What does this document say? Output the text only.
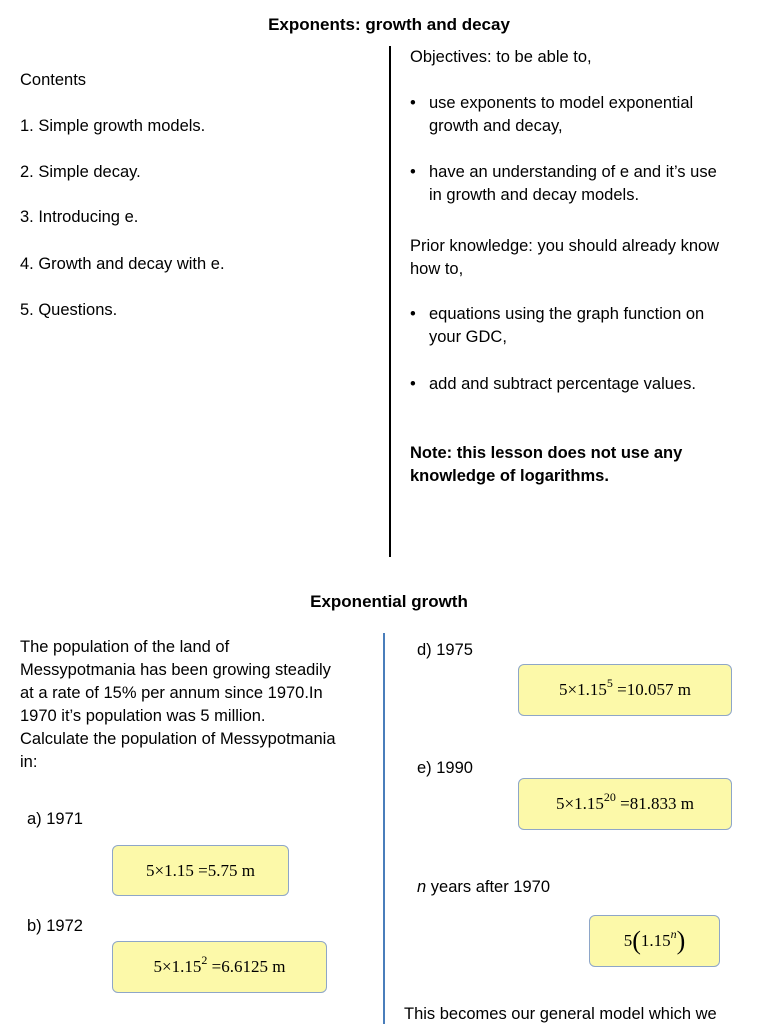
Exponents: growth and decay
Contents
1. Simple growth models.
2. Simple decay.
3. Introducing e.
4. Growth and decay with e.
5. Questions.
Objectives: to be able to,
• use exponents to model exponential
growth and decay,
• have an understanding of e and it’s use
in growth and decay models.
Prior knowledge: you should already know
how to,
• equations using the graph function on
your GDC,
• add and subtract percentage values.
Note: this lesson does not use any
knowledge of logarithms.
Exponential growth
The population of the land of
Messypotmania has been growing steadily
at a rate of 15% per annum since 1970.In
1970 it’s population was 5 million.
Calculate the population of Messypotmania
in:
a) 1971
5×1.15
=5.75 m
b) 1972
$5\times 1.15^2$
=6.6125 m
d) 1975
$5\times 1.15^5$
=10.057 m
e) 1990
$5\times 1.15^{20}$
=81.833 m
n years after 1970
5 ( 1.15 $^n$ )
This becomes our general model which we
